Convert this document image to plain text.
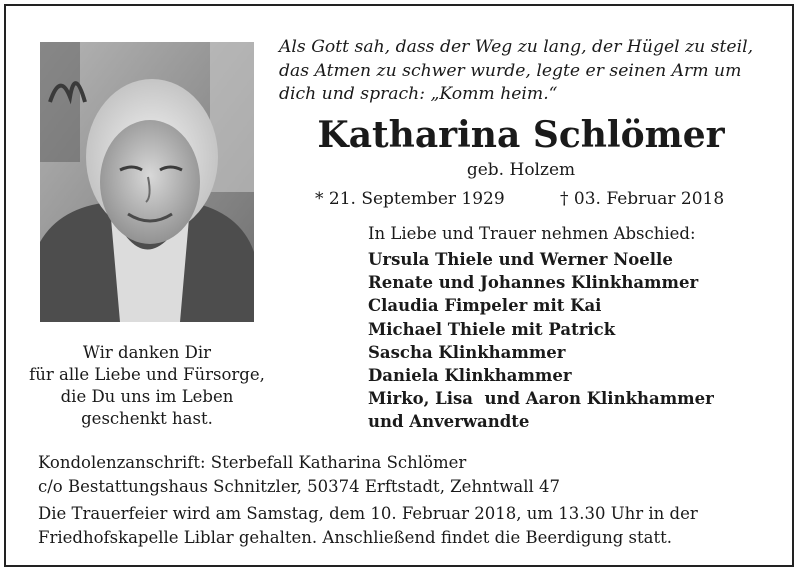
Wir danken Dir
für alle Liebe und Fürsorge,
die Du uns im Leben
geschenkt hast.
Als Gott sah, dass der Weg zu lang, der Hügel zu steil,
das Atmen zu schwer wurde, legte er seinen Arm um
dich und sprach: „Komm heim.“
Katharina Schlömer
geb. Holzem
* 21. September 1929	† 03. Februar 2018
In Liebe und Trauer nehmen Abschied:
Ursula Thiele und Werner Noelle
Renate und Johannes Klinkhammer
Claudia Fimpeler mit Kai
Michael Thiele mit Patrick
Sascha Klinkhammer
Daniela Klinkhammer
Mirko, Lisa  und Aaron Klinkhammer
und Anverwandte
Kondolenzanschrift: Sterbefall Katharina Schlömer
c/o Bestattungshaus Schnitzler, 50374 Erftstadt, Zehntwall 47
Die Trauerfeier wird am Samstag, dem 10. Februar 2018, um 13.30 Uhr in der
Friedhofskapelle Liblar gehalten. Anschließend findet die Beerdigung statt.
